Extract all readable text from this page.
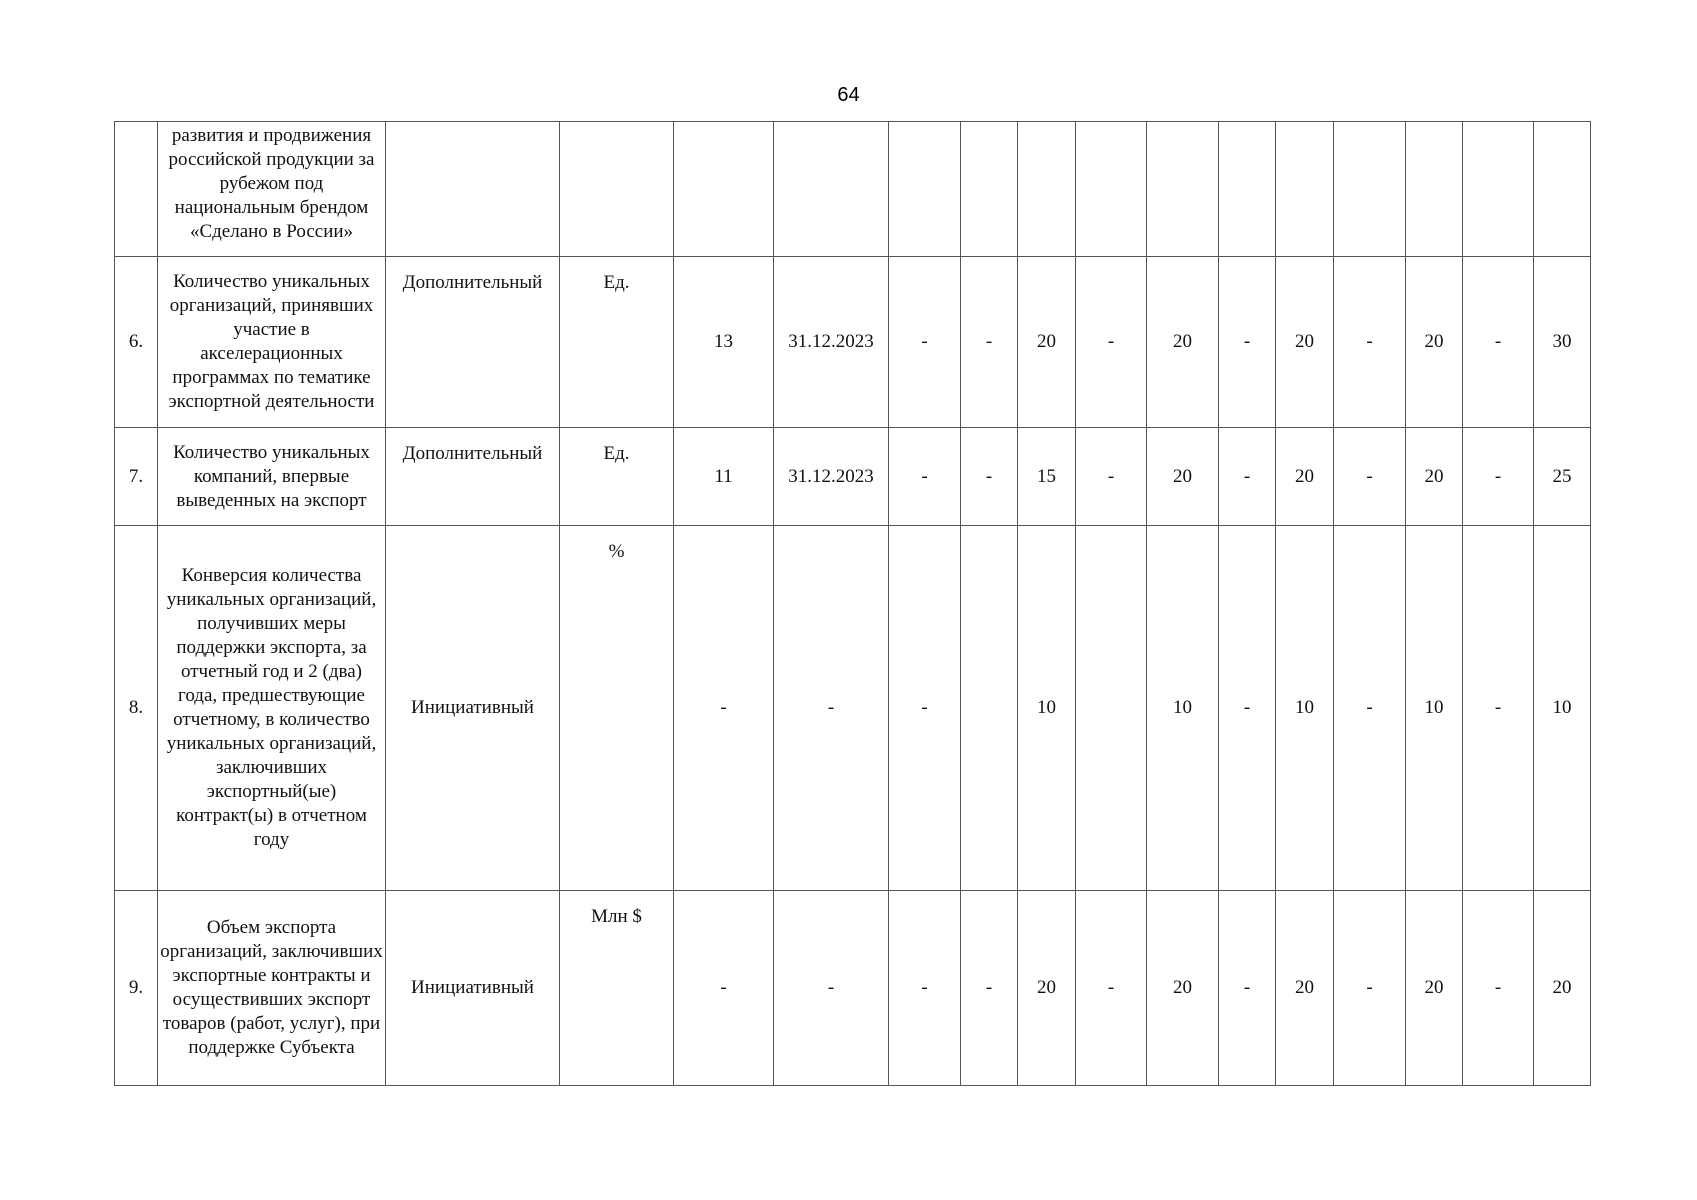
64
	развития и продвижения российской продукции за рубежом под национальным брендом «Сделано в России»															
6.	Количество уникальных организаций, принявших участие в акселерационных программах по тематике экспортной деятельности	Дополнительный	Ед.	13	31.12.2023	-	-	20	-	20	-	20	-	20	-	30
7.	Количество уникальных компаний, впервые выведенных на экспорт	Дополнительный	Ед.	11	31.12.2023	-	-	15	-	20	-	20	-	20	-	25
8.	Конверсия количества уникальных организаций, получивших меры поддержки экспорта, за отчетный год и 2 (два) года, предшествующие отчетному, в количество уникальных организаций, заключивших экспортный(ые) контракт(ы) в отчетном году	Инициативный	%	-	-	-		10		10	-	10	-	10	-	10
9.	Объем экспорта организаций, заключивших экспортные контракты и осуществивших экспорт товаров (работ, услуг), при поддержке Субъекта	Инициативный	Млн $	-	-	-	-	20	-	20	-	20	-	20	-	20
